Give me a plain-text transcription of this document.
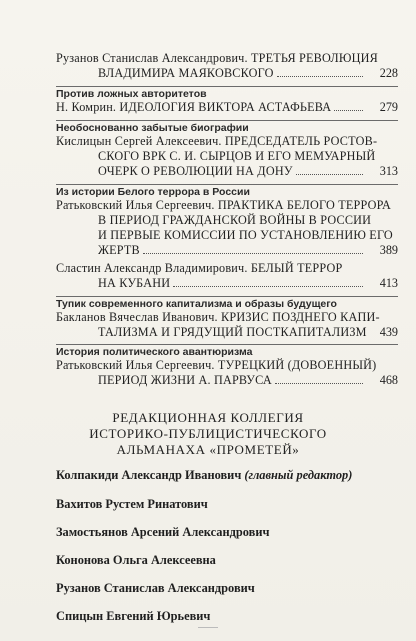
Рузанов Станислав Александрович. ТРЕТЬЯ РЕВОЛЮЦИЯ
ВЛАДИМИРА МАЯКОВСКОГО	228
Против ложных авторитетов
Н. Комрин. ИДЕОЛОГИЯ ВИКТОРА АСТАФЬЕВА	279
Необоснованно забытые биографии
Кислицын Сергей Алексеевич. ПРЕДСЕДАТЕЛЬ РОСТОВ-
СКОГО ВРК С. И. СЫРЦОВ И ЕГО МЕМУАРНЫЙ
ОЧЕРК О РЕВОЛЮЦИИ НА ДОНУ	313
Из истории Белого террора в России
Ратьковский Илья Сергеевич. ПРАКТИКА БЕЛОГО ТЕРРОРА
В ПЕРИОД ГРАЖДАНСКОЙ ВОЙНЫ В РОССИИ
И ПЕРВЫЕ КОМИССИИ ПО УСТАНОВЛЕНИЮ ЕГО
ЖЕРТВ	389
Сластин Александр Владимирович. БЕЛЫЙ ТЕРРОР
НА КУБАНИ	413
Тупик современного капитализма и образы будущего
Бакланов Вячеслав Иванович. КРИЗИС ПОЗДНЕГО КАПИ-
ТАЛИЗМА И ГРЯДУЩИЙ ПОСТКАПИТАЛИЗМ 439
История политического авантюризма
Ратьковский Илья Сергеевич. ТУРЕЦКИЙ (ДОВОЕННЫЙ)
ПЕРИОД ЖИЗНИ А. ПАРВУСА	468
РЕДАКЦИОННАЯ КОЛЛЕГИЯ
ИСТОРИКО-ПУБЛИЦИСТИЧЕСКОГО
АЛЬМАНАХА «ПРОМЕТЕЙ»
Колпакиди Александр Иванович (главный редактор)
Вахитов Рустем Ринатович
Замостьянов Арсений Александрович
Кононова Ольга Алексеевна
Рузанов Станислав Александрович
Спицын Евгений Юрьевич
